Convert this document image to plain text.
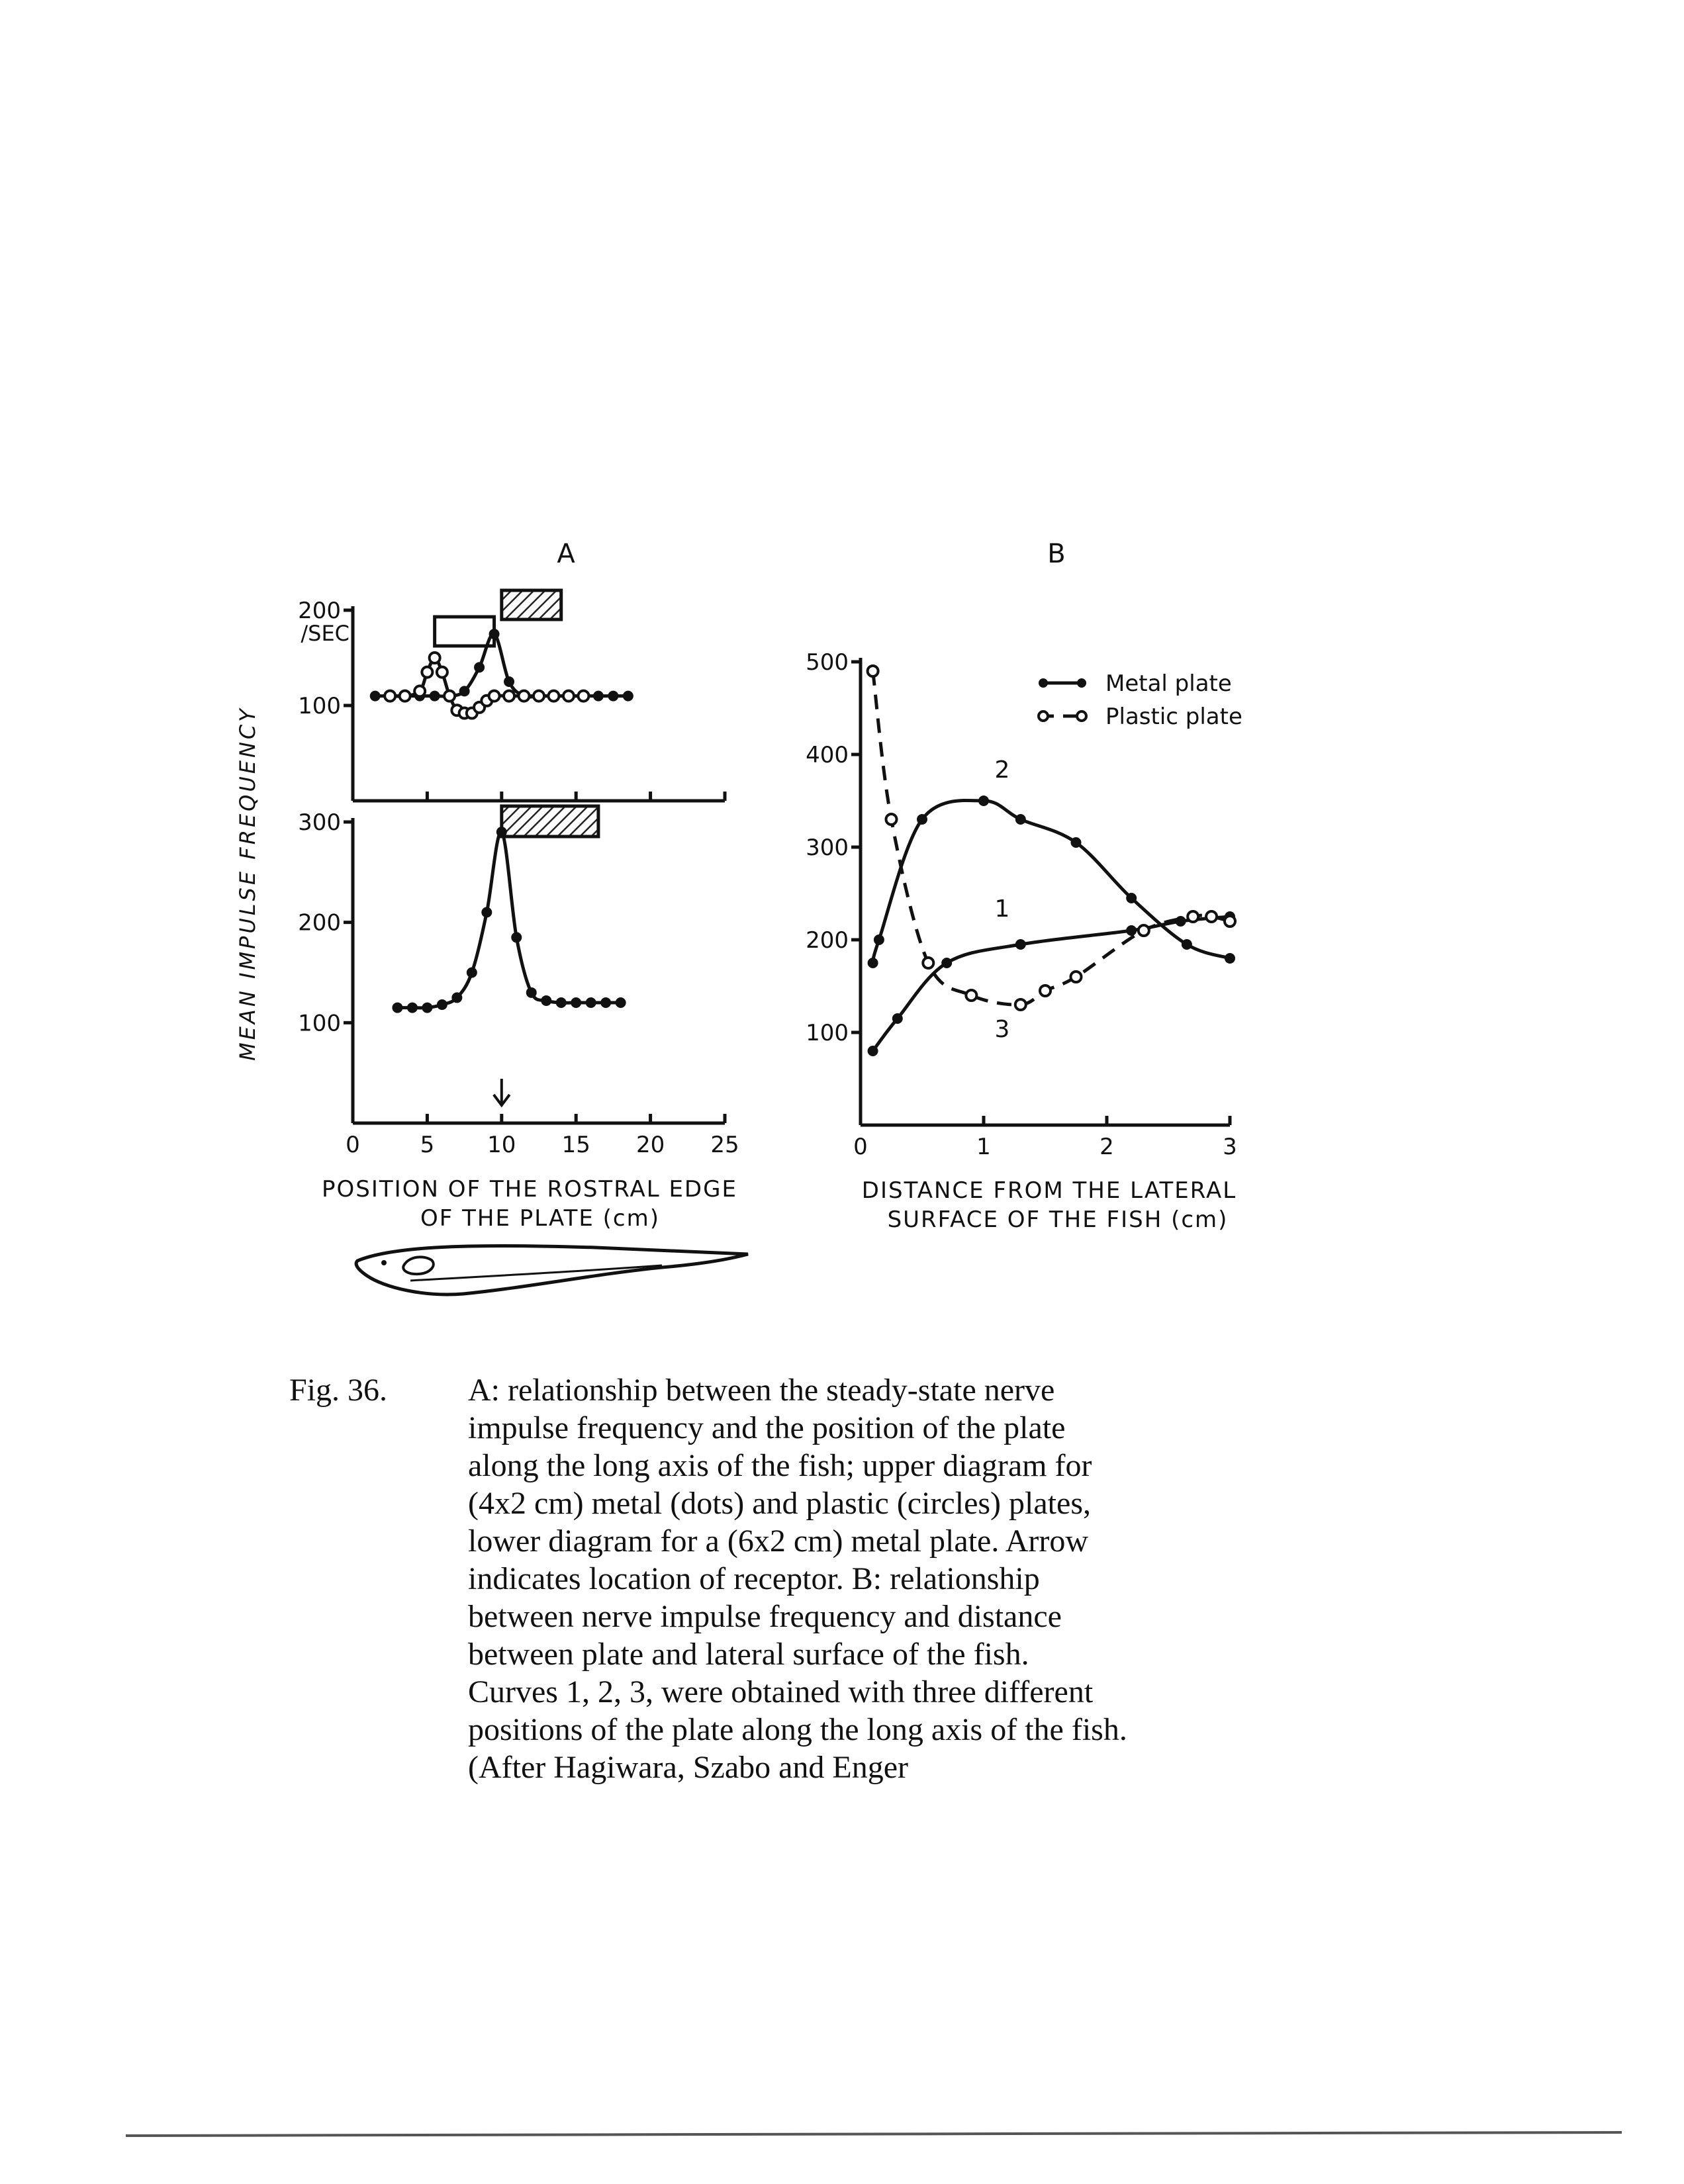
A	B
MEAN IMPULSE FREQUENCY
100
200
/SEC
100
200
300
0	5 10 15 20 25
POSITION OF THE ROSTRAL EDGE
OF THE PLATE (cm)
100
200
300
400
500
0	1	2	3
1
2
3
Metal plate
Plastic plate
DISTANCE FROM THE LATERAL
SURFACE OF THE FISH (cm)
Fig. 36.	A: relationship between the steady-state nerve
impulse frequency and the position of the plate
along the long axis of the fish; upper diagram for
(4x2 cm) metal (dots) and plastic (circles) plates,
lower diagram for a (6x2 cm) metal plate. Arrow
indicates location of receptor. B: relationship
between nerve impulse frequency and distance
between plate and lateral surface of the fish.
Curves 1, 2, 3, were obtained with three different
positions of the plate along the long axis of the fish.
(After Hagiwara, Szabo and Enger
